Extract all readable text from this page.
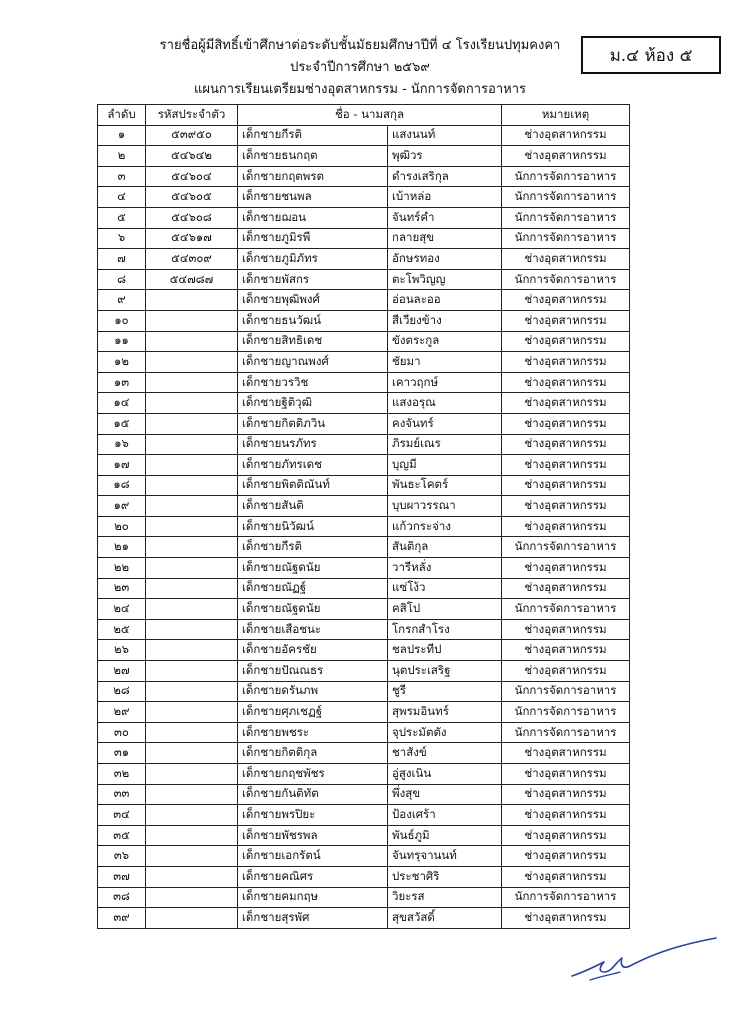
รายชื่อผู้มีสิทธิ์เข้าศึกษาต่อระดับชั้นมัธยมศึกษาปีที่ ๔ โรงเรียนปทุมคงคา
ประจำปีการศึกษา ๒๕๖๙
แผนการเรียนเตรียมช่างอุตสาหกรรม - นักการจัดการอาหาร
ม.๔ ห้อง ๕
ลำดับ	รหัสประจำตัว	ชื่อ - นามสกุล		หมายเหตุ
๑	๕๓๙๕๐	เด็กชายกีรติ	แสงนนท์	ช่างอุตสาหกรรม
๒	๕๔๖๔๒	เด็กชายธนกฤต	พุฒิวร	ช่างอุตสาหกรรม
๓	๕๔๖๐๔	เด็กชายกฤตพรต	ดำรงเสริกุล	นักการจัดการอาหาร
๔	๕๔๖๐๕	เด็กชายชนพล	เบ้าหล่อ	นักการจัดการอาหาร
๕	๕๔๖๐๘	เด็กชายฌอน	จันทร์คำ	นักการจัดการอาหาร
๖	๕๔๖๑๗	เด็กชายภูมิรพี	กลายสุข	นักการจัดการอาหาร
๗	๕๔๓๐๙	เด็กชายภูมิภัทร	อักษรทอง	ช่างอุตสาหกรรม
๘	๕๔๗๘๗	เด็กชายพัสกร	ตะโพวิญญ	นักการจัดการอาหาร
๙		เด็กชายพุฒิพงศ์	อ่อนละออ	ช่างอุตสาหกรรม
๑๐		เด็กชายธนวัฒน์	สีเวียงข้าง	ช่างอุตสาหกรรม
๑๑		เด็กชายสิทธิเดช	ขังตระกูล	ช่างอุตสาหกรรม
๑๒		เด็กชายญาณพงศ์	ชัยมา	ช่างอุตสาหกรรม
๑๓		เด็กชายวรวิช	เคาวฤกษ์	ช่างอุตสาหกรรม
๑๔		เด็กชายฐิติวุฒิ	แสงอรุณ	ช่างอุตสาหกรรม
๑๕		เด็กชายกิตติภวิน	คงจันทร์	ช่างอุตสาหกรรม
๑๖		เด็กชายนรภัทร	ภิรมย์เณร	ช่างอุตสาหกรรม
๑๗		เด็กชายภัทรเดช	บุญมี	ช่างอุตสาหกรรม
๑๘		เด็กชายพิตติณันท์	พันธะโคตร์	ช่างอุตสาหกรรม
๑๙		เด็กชายสันติ	บุบผาวรรณา	ช่างอุตสาหกรรม
๒๐		เด็กชายนิวัฒน์	แก้วกระจ่าง	ช่างอุตสาหกรรม
๒๑		เด็กชายกีรติ	สันติกุล	นักการจัดการอาหาร
๒๒		เด็กชายณัฐดนัย	วารีหลั่ง	ช่างอุตสาหกรรม
๒๓		เด็กชายณัฏฐ์	แซ่โง้ว	ช่างอุตสาหกรรม
๒๔		เด็กชายณัฐดนัย	คสิโป	นักการจัดการอาหาร
๒๕		เด็กชายเสือชนะ	โกรกสำโรง	ช่างอุตสาหกรรม
๒๖		เด็กชายอัครชัย	ชลประทีป	ช่างอุตสาหกรรม
๒๗		เด็กชายปัณณธร	นุตประเสริฐ	ช่างอุตสาหกรรม
๒๘		เด็กชายดรันภพ	ชูรี	นักการจัดการอาหาร
๒๙		เด็กชายศุภเชฏฐ์	สุพรมอินทร์	นักการจัดการอาหาร
๓๐		เด็กชายพชระ	จุประมัตตัง	นักการจัดการอาหาร
๓๑		เด็กชายกิตติกุล	ชาสังข์	ช่างอุตสาหกรรม
๓๒		เด็กชายกฤชพัชร	อู่สูงเนิน	ช่างอุตสาหกรรม
๓๓		เด็กชายกันติทัต	พึ่งสุข	ช่างอุตสาหกรรม
๓๔		เด็กชายพรปิยะ	ป้องเศร้า	ช่างอุตสาหกรรม
๓๕		เด็กชายพัชรพล	พันธ์ภูมิ	ช่างอุตสาหกรรม
๓๖		เด็กชายเอกรัตน์	จันทรุจานนท์	ช่างอุตสาหกรรม
๓๗		เด็กชายคณิศร	ประชาศิริ	ช่างอุตสาหกรรม
๓๘		เด็กชายคมกฤษ	วิยะรส	นักการจัดการอาหาร
๓๙		เด็กชายสุรพัศ	สุขสวัสดิ์	ช่างอุตสาหกรรม
